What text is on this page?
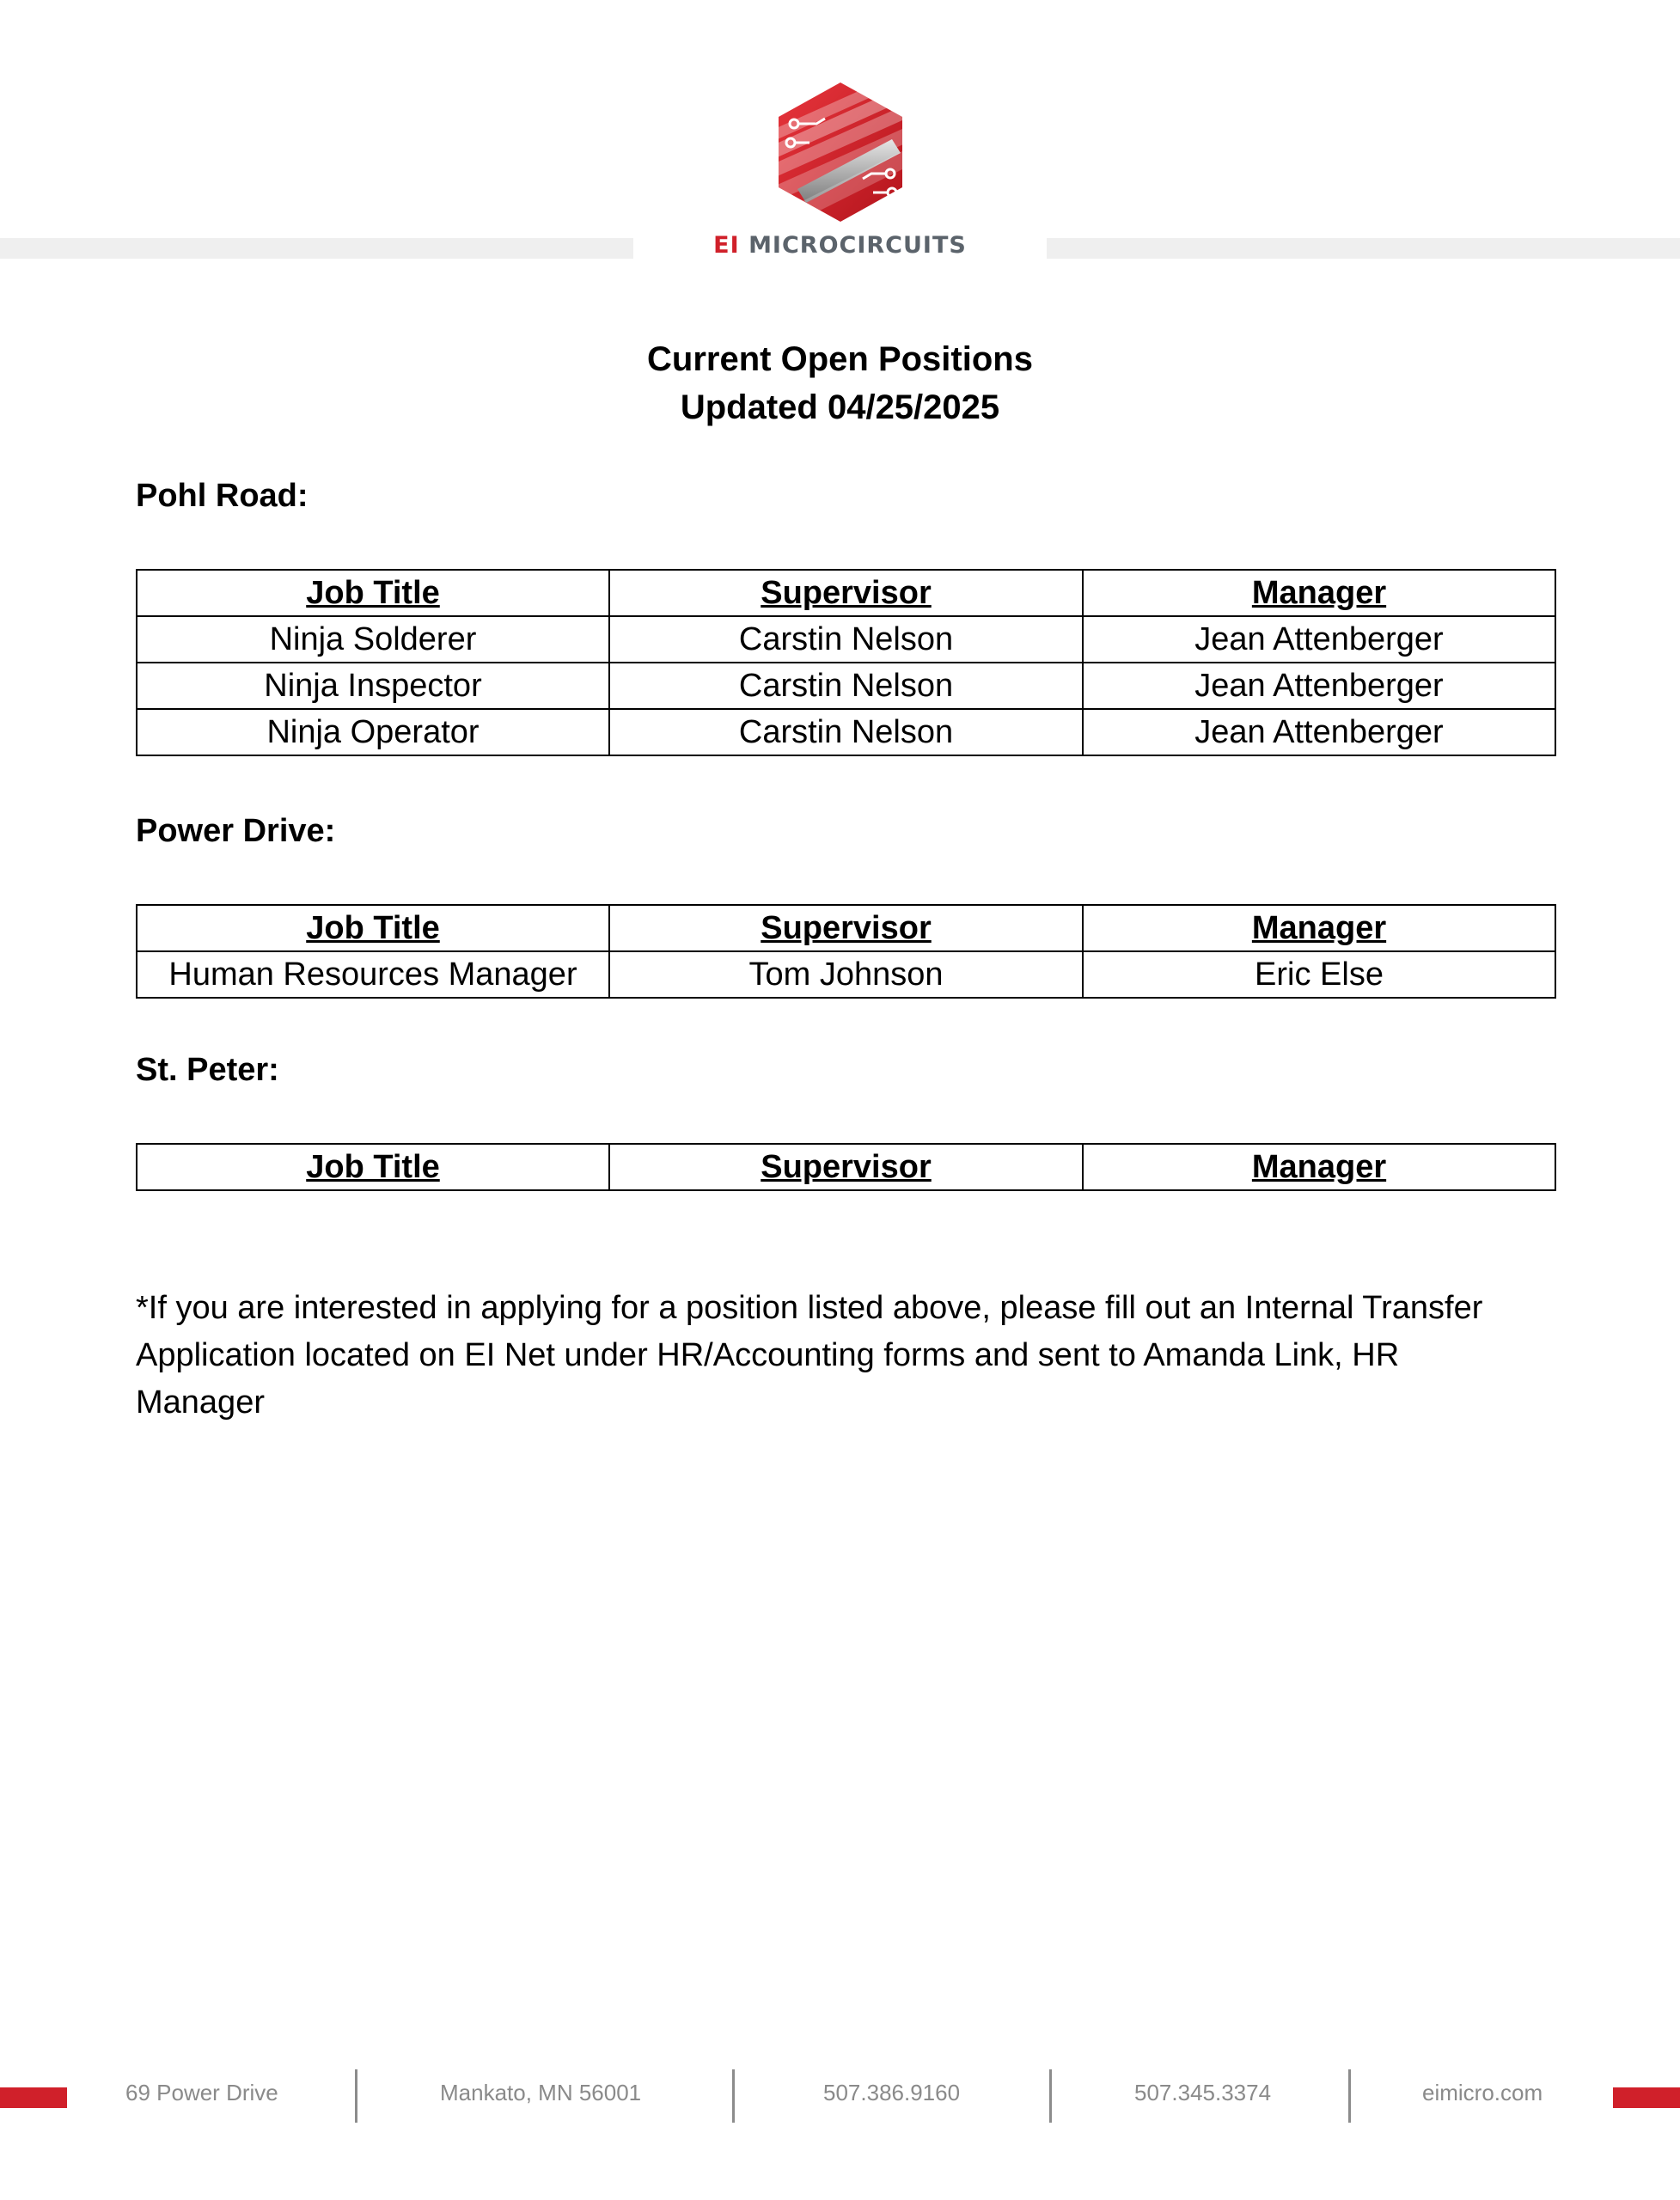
EI MICROCIRCUITS
Current Open Positions
Updated 04/25/2025
Pohl Road:
Job Title	Supervisor	Manager
Ninja Solderer	Carstin Nelson	Jean Attenberger
Ninja Inspector	Carstin Nelson	Jean Attenberger
Ninja Operator	Carstin Nelson	Jean Attenberger
Power Drive:
Job Title	Supervisor	Manager
Human Resources Manager	Tom Johnson	Eric Else
St. Peter:
Job Title	Supervisor	Manager
*If you are interested in applying for a position listed above, please fill out an Internal Transfer Application located on EI Net under HR/Accounting forms and sent to Amanda Link, HR Manager
69 Power Drive	Mankato, MN 56001	507.386.9160	507.345.3374	eimicro.com
